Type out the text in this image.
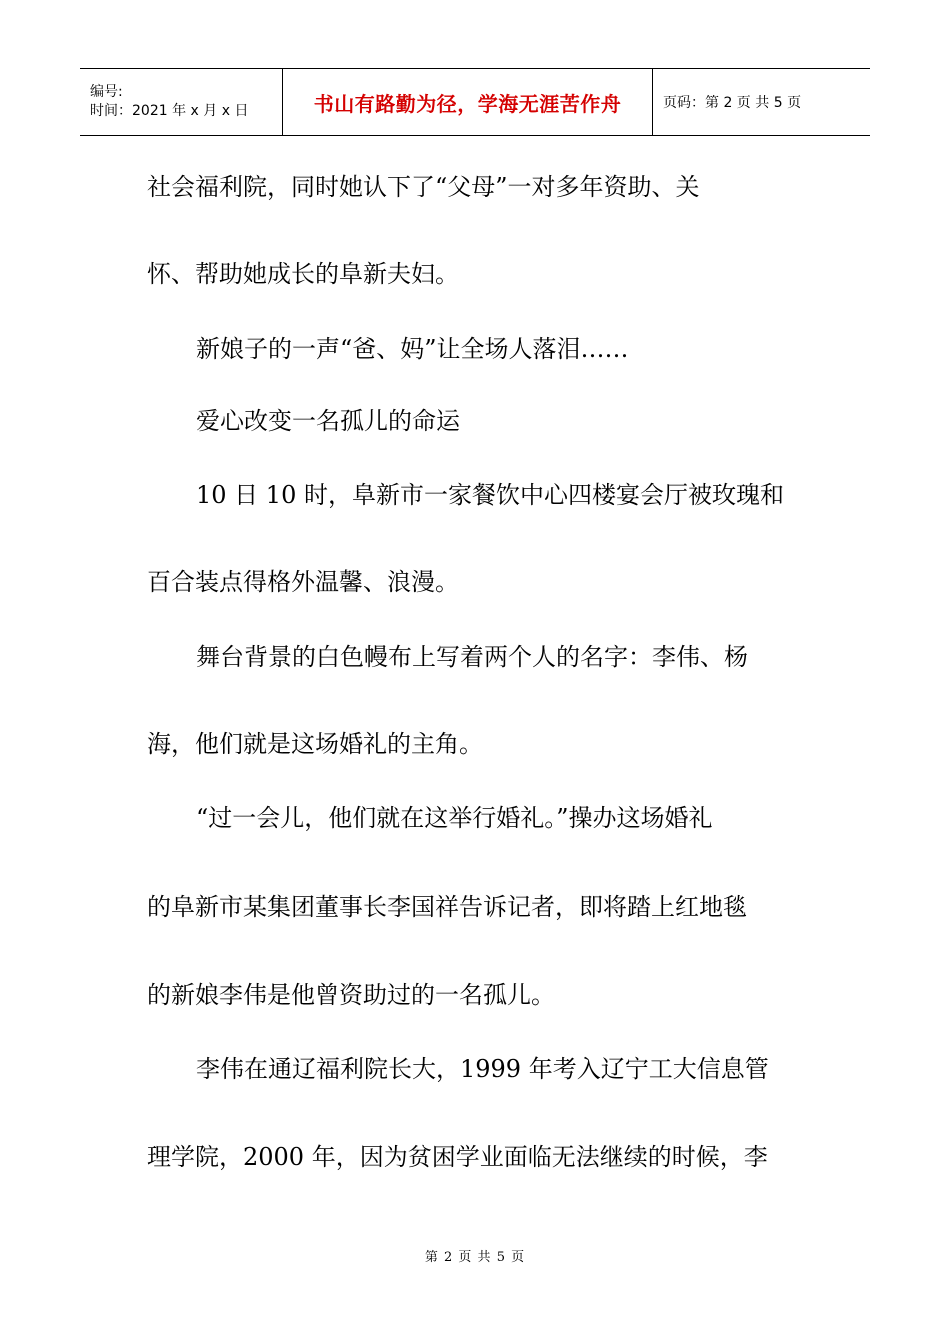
编号:
时间：2021 年 x 月 x 日	书山有路勤为径，学海无涯苦作舟	页码：第 2 页 共 5 页
社会福利院，同时她认下了“父母”一对多年资助、关
怀、帮助她成长的阜新夫妇。
新娘子的一声“爸、妈”让全场人落泪……
爱心改变一名孤儿的命运
10 日 10 时，阜新市一家餐饮中心四楼宴会厅被玫瑰和
百合装点得格外温馨、浪漫。
舞台背景的白色幔布上写着两个人的名字：李伟、杨
海，他们就是这场婚礼的主角。
“过一会儿，他们就在这举行婚礼。”操办这场婚礼
的阜新市某集团董事长李国祥告诉记者，即将踏上红地毯
的新娘李伟是他曾资助过的一名孤儿。
李伟在通辽福利院长大，1999 年考入辽宁工大信息管
理学院，2000 年，因为贫困学业面临无法继续的时候，李
第 2 页 共 5 页
